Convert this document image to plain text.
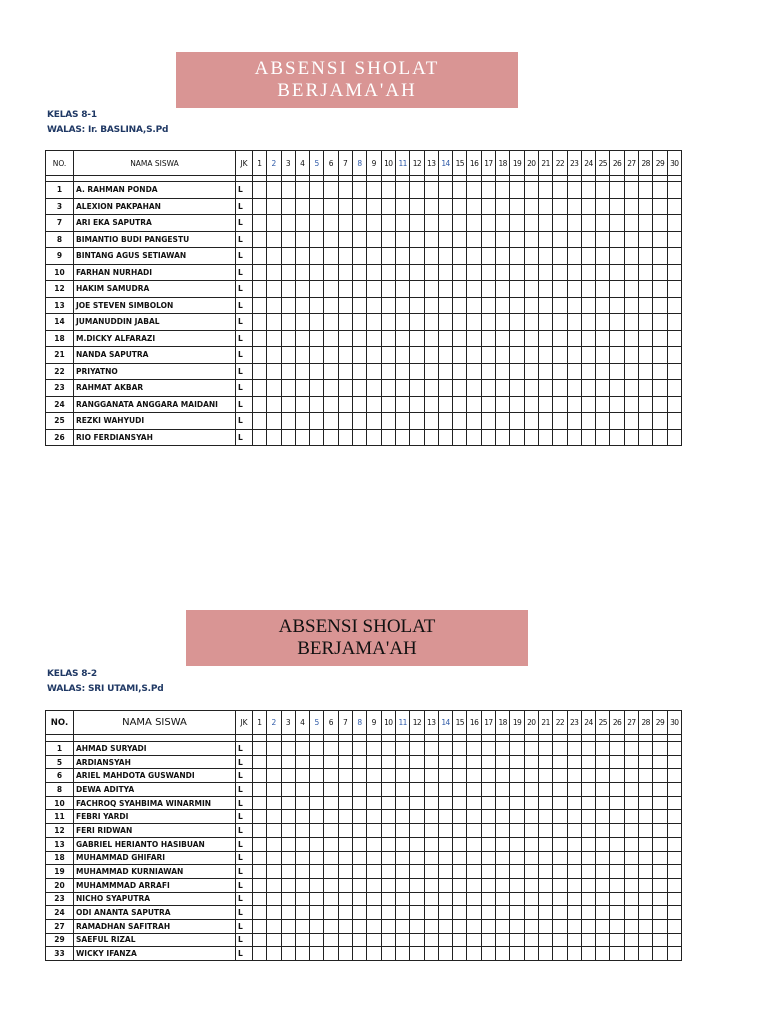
ABSENSI SHOLAT
BERJAMA'AH
KELAS 8-1
WALAS: Ir. BASLINA,S.Pd
NO.	NAMA SISWA	JK	1	2	3	4	5	6	7	8	9	10	11	12	13	14	15	16	17	18	19	20	21	22	23	24	25	26	27	28	29	30

1	A. RAHMAN PONDA	L																														
3	ALEXION PAKPAHAN	L																														
7	ARI EKA SAPUTRA	L																														
8	BIMANTIO BUDI PANGESTU	L																														
9	BINTANG AGUS SETIAWAN	L																														
10	FARHAN NURHADI	L																														
12	HAKIM SAMUDRA	L																														
13	JOE STEVEN SIMBOLON	L																														
14	JUMANUDDIN JABAL	L																														
18	M.DICKY ALFARAZI	L																														
21	NANDA SAPUTRA	L																														
22	PRIYATNO	L																														
23	RAHMAT AKBAR	L																														
24	RANGGANATA ANGGARA MAIDANI	L																														
25	REZKI WAHYUDI	L																														
26	RIO FERDIANSYAH	L																														
ABSENSI SHOLAT
BERJAMA'AH
KELAS 8-2
WALAS: SRI UTAMI,S.Pd
NO.	NAMA SISWA	JK	1	2	3	4	5	6	7	8	9	10	11	12	13	14	15	16	17	18	19	20	21	22	23	24	25	26	27	28	29	30

1	AHMAD SURYADI	L																														
5	ARDIANSYAH	L																														
6	ARIEL MAHDOTA GUSWANDI	L																														
8	DEWA ADITYA	L																														
10	FACHROQ SYAHBIMA WINARMIN	L																														
11	FEBRI YARDI	L																														
12	FERI RIDWAN	L																														
13	GABRIEL HERIANTO HASIBUAN	L																														
18	MUHAMMAD GHIFARI	L																														
19	MUHAMMAD KURNIAWAN	L																														
20	MUHAMMMAD ARRAFI	L																														
23	NICHO SYAPUTRA	L																														
24	ODI ANANTA SAPUTRA	L																														
27	RAMADHAN SAFITRAH	L																														
29	SAEFUL RIZAL	L																														
33	WICKY IFANZA	L																														
